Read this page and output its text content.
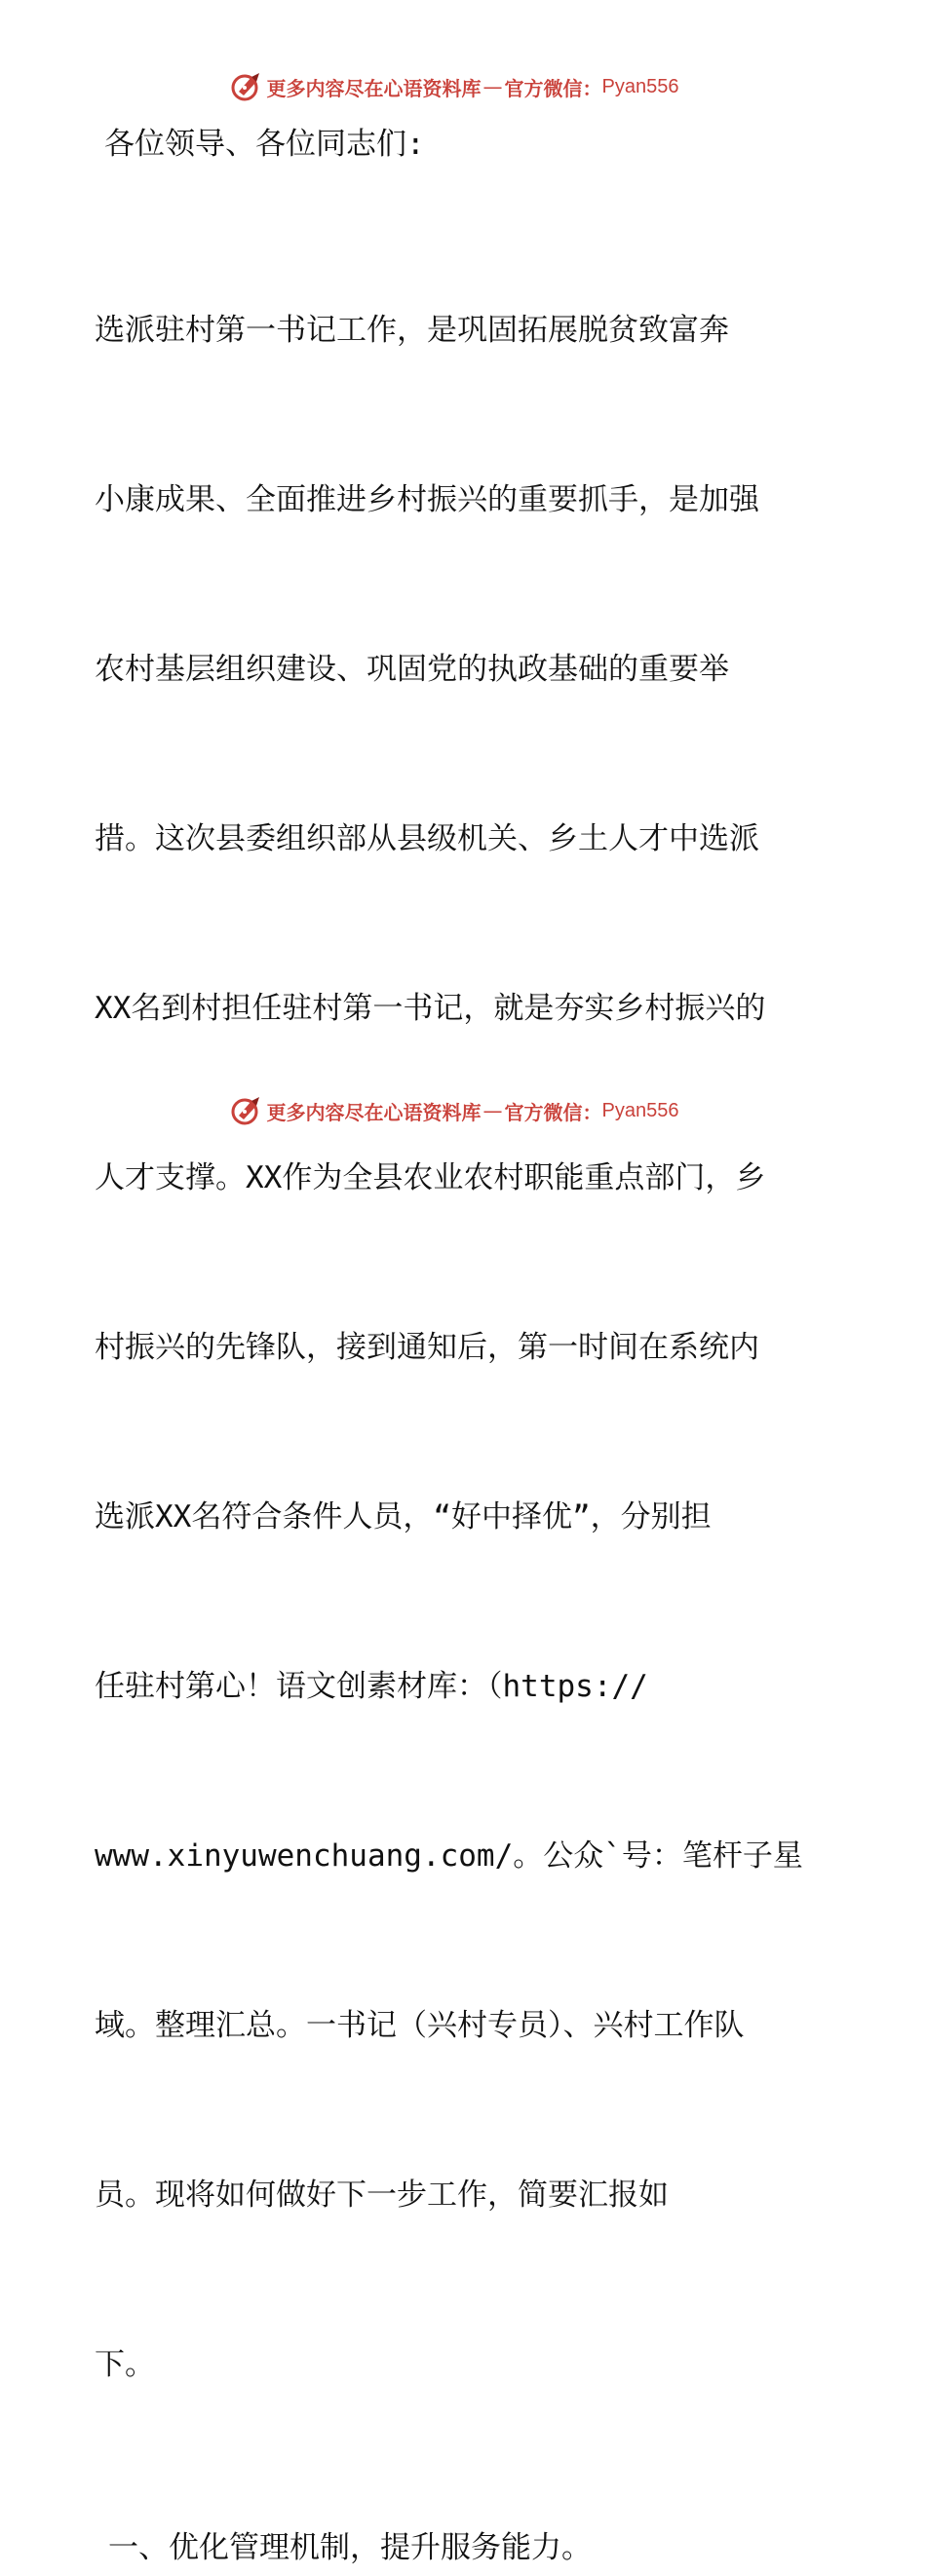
更多内容尽在心语资料库 — 官方微信： Pyan556

各位领导、各位同志们:

选派驻村第一书记工作，是巩固拓展脱贫致富奔

小康成果、全面推进乡村振兴的重要抓手，是加强

农村基层组织建设、巩固党的执政基础的重要举

措。这次县委组织部从县级机关、乡土人才中选派

XX名到村担任驻村第一书记，就是夯实乡村振兴的

人才支撑。XX作为全县农业农村职能重点部门，乡

村振兴的先锋队，接到通知后，第一时间在系统内

选派XX名符合条件人员，“好中择优”，分别担

任驻村第心！语文创素材库：（https://

www.xinyuwenchuang.com/。公众`号：笔杆子星

域。整理汇总。一书记（兴村专员）、兴村工作队

员。现将如何做好下一步工作，简要汇报如

下。

一、优化管理机制，提升服务能力。

更多内容尽在心语资料库 — 官方微信： Pyan556
